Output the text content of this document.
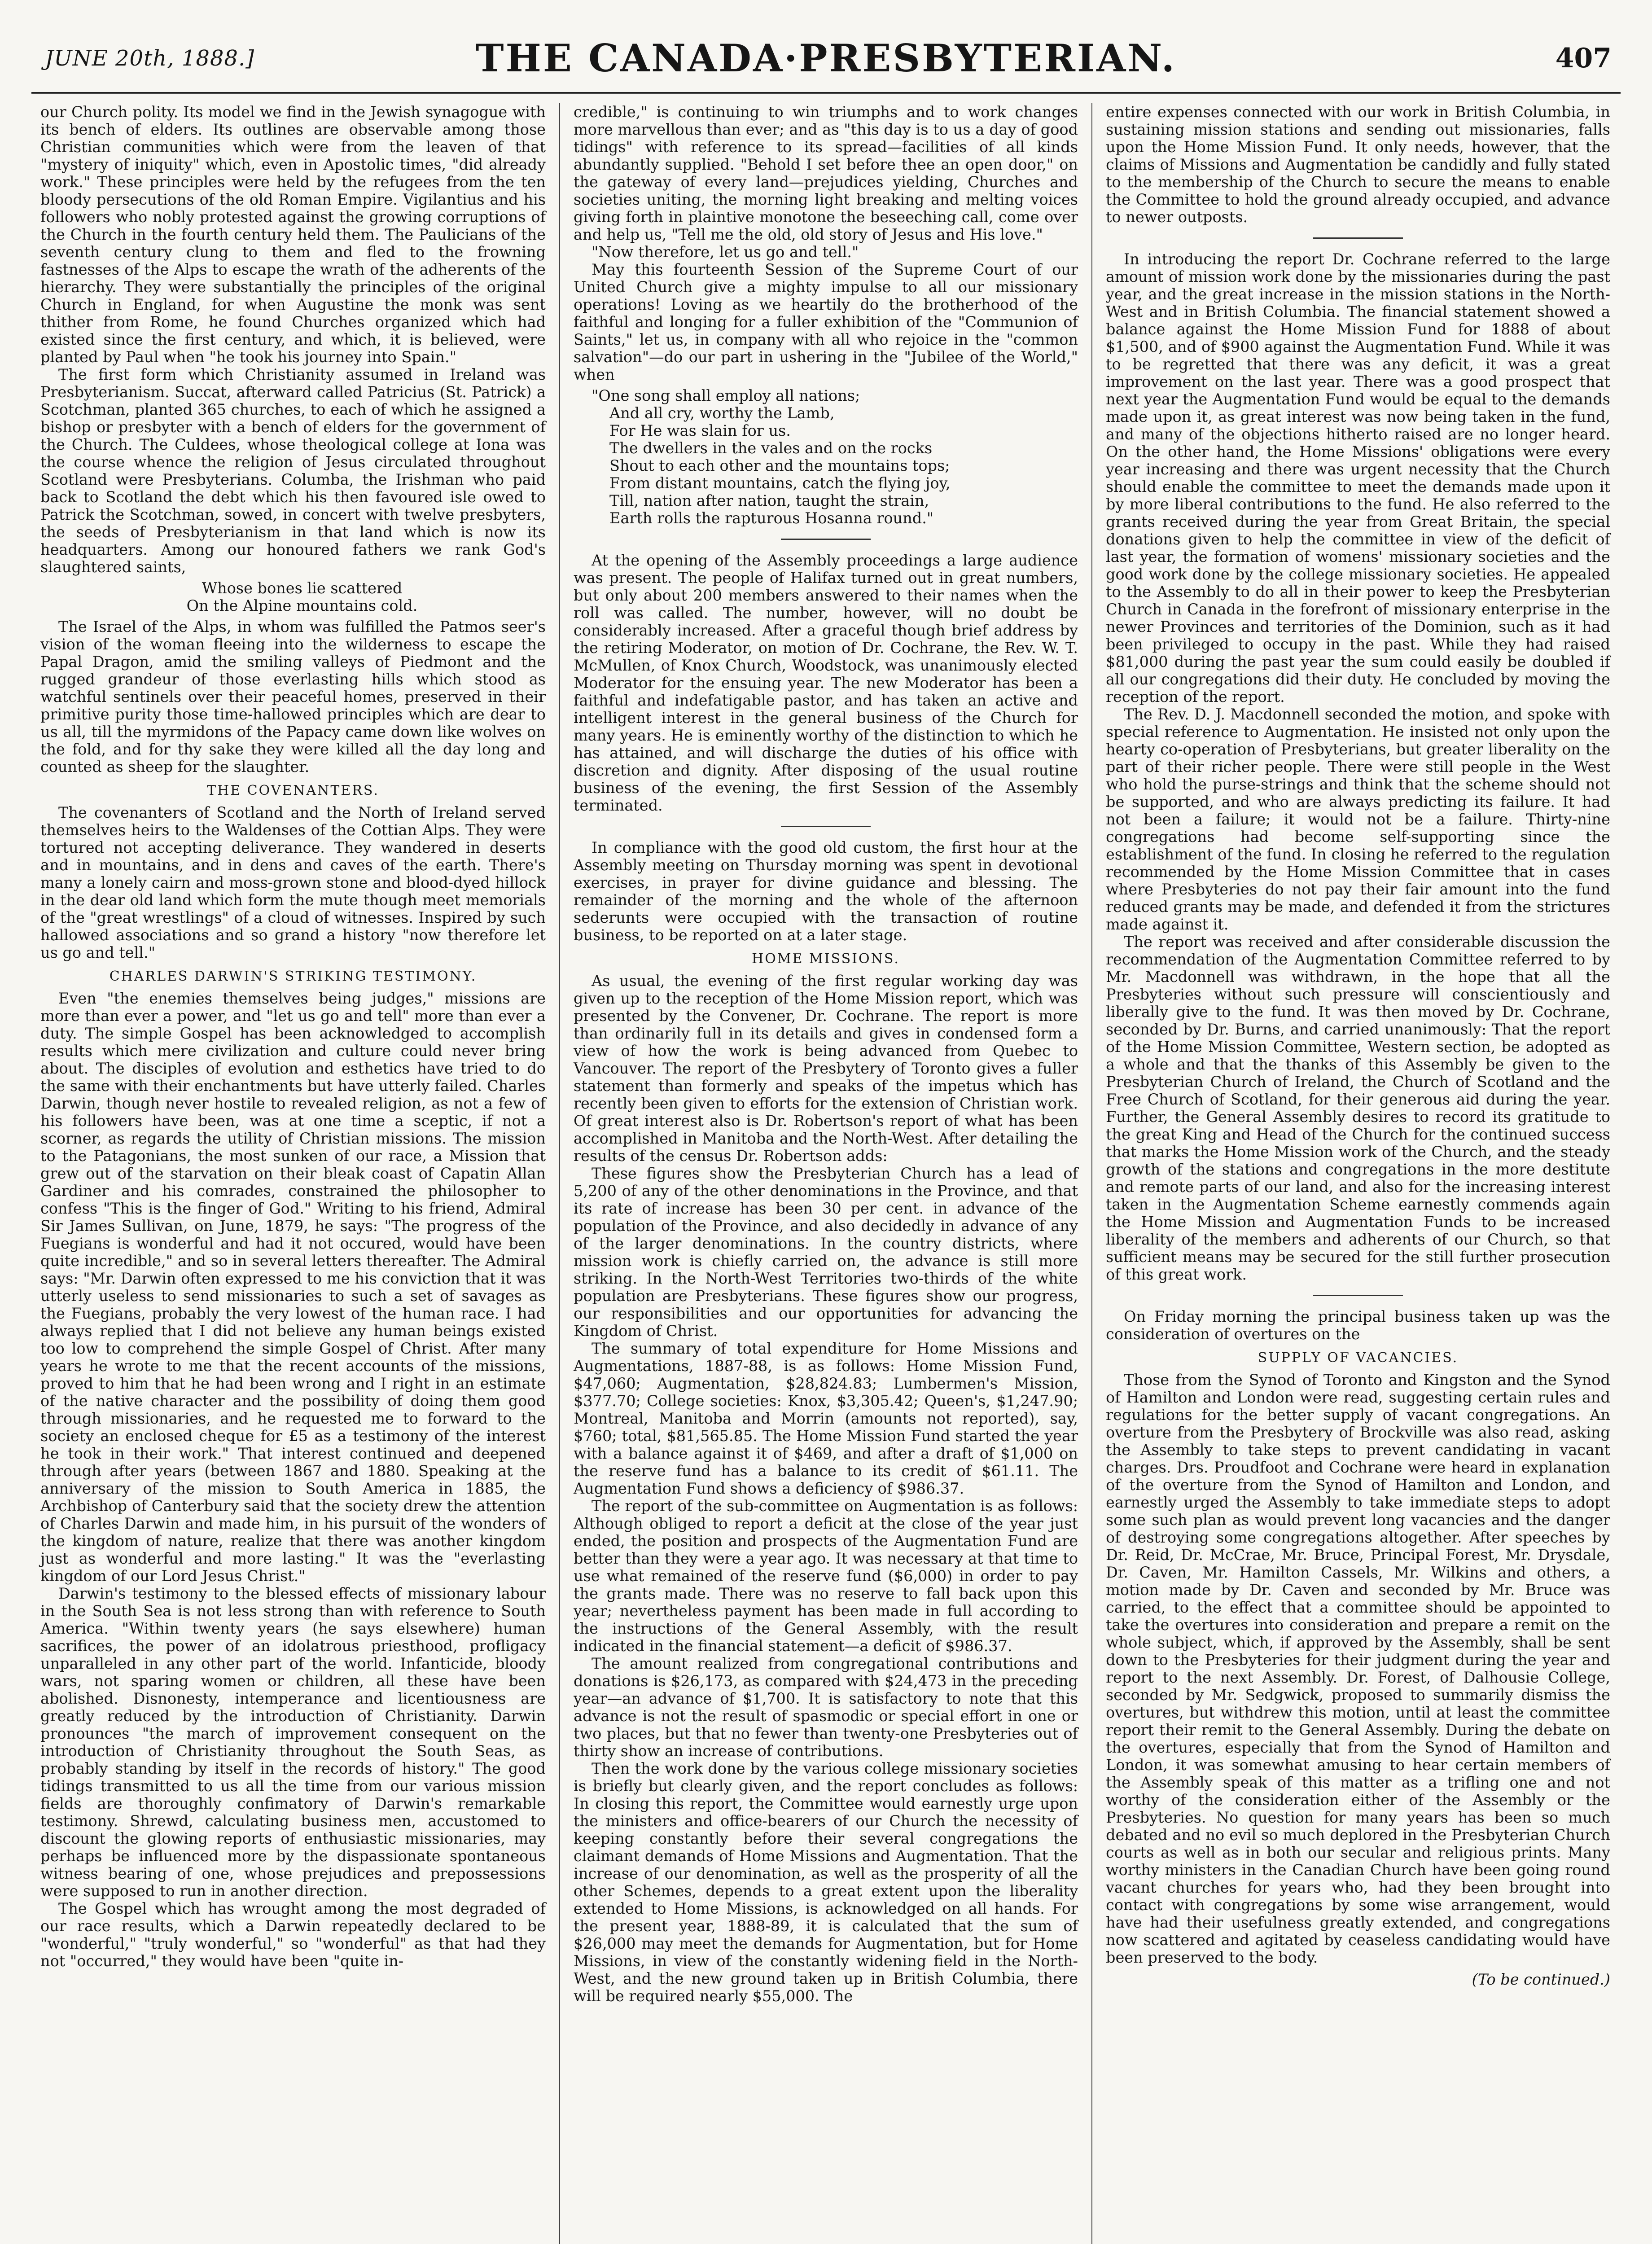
JUNE 20th, 1888.]	THE CANADA·PRESBYTERIAN.	407

our Church polity. Its model we find in the Jewish synagogue with its bench of elders. Its outlines are observable among those Christian communities which were from the leaven of that "mystery of iniquity" which, even in Apostolic times, "did already work." These principles were held by the refugees from the ten bloody persecutions of the old Roman Empire. Vigilantius and his followers who nobly protested against the growing corruptions of the Church in the fourth century held them. The Paulicians of the seventh century clung to them and fled to the frowning fastnesses of the Alps to escape the wrath of the adherents of the hierarchy. They were substantially the principles of the original Church in England, for when Augustine the monk was sent thither from Rome, he found Churches organized which had existed since the first century, and which, it is believed, were planted by Paul when "he took his journey into Spain."

The first form which Christianity assumed in Ireland was Presbyterianism. Succat, afterward called Patricius (St. Patrick) a Scotchman, planted 365 churches, to each of which he assigned a bishop or presbyter with a bench of elders for the government of the Church. The Culdees, whose theological college at Iona was the course whence the religion of Jesus circulated throughout Scotland were Presbyterians. Columba, the Irishman who paid back to Scotland the debt which his then favoured isle owed to Patrick the Scotchman, sowed, in concert with twelve presbyters, the seeds of Presbyterianism in that land which is now its headquarters. Among our honoured fathers we rank God's slaughtered saints,

Whose bones lie scattered
On the Alpine mountains cold.

The Israel of the Alps, in whom was fulfilled the Patmos seer's vision of the woman fleeing into the wilderness to escape the Papal Dragon, amid the smiling valleys of Piedmont and the rugged grandeur of those everlasting hills which stood as watchful sentinels over their peaceful homes, preserved in their primitive purity those time-hallowed principles which are dear to us all, till the myrmidons of the Papacy came down like wolves on the fold, and for thy sake they were killed all the day long and counted as sheep for the slaughter.

THE COVENANTERS.

The covenanters of Scotland and the North of Ireland served themselves heirs to the Waldenses of the Cottian Alps. They were tortured not accepting deliverance. They wandered in deserts and in mountains, and in dens and caves of the earth. There's many a lonely cairn and moss-grown stone and blood-dyed hillock in the dear old land which form the mute though meet memorials of the "great wrestlings" of a cloud of witnesses. Inspired by such hallowed associations and so grand a history "now therefore let us go and tell."

CHARLES DARWIN'S STRIKING TESTIMONY.

Even "the enemies themselves being judges," missions are more than ever a power, and "let us go and tell" more than ever a duty. The simple Gospel has been acknowledged to accomplish results which mere civilization and culture could never bring about. The disciples of evolution and esthetics have tried to do the same with their enchantments but have utterly failed. Charles Darwin, though never hostile to revealed religion, as not a few of his followers have been, was at one time a sceptic, if not a scorner, as regards the utility of Christian missions. The mission to the Patagonians, the most sunken of our race, a Mission that grew out of the starvation on their bleak coast of Capatin Allan Gardiner and his comrades, constrained the philosopher to confess "This is the finger of God." Writing to his friend, Admiral Sir James Sullivan, on June, 1879, he says: "The progress of the Fuegians is wonderful and had it not occured, would have been quite incredible," and so in several letters thereafter. The Admiral says: "Mr. Darwin often expressed to me his conviction that it was utterly useless to send missionaries to such a set of savages as the Fuegians, probably the very lowest of the human race. I had always replied that I did not believe any human beings existed too low to comprehend the simple Gospel of Christ. After many years he wrote to me that the recent accounts of the missions, proved to him that he had been wrong and I right in an estimate of the native character and the possibility of doing them good through missionaries, and he requested me to forward to the society an enclosed cheque for £5 as a testimony of the interest he took in their work." That interest continued and deepened through after years (between 1867 and 1880. Speaking at the anniversary of the mission to South America in 1885, the Archbishop of Canterbury said that the society drew the attention of Charles Darwin and made him, in his pursuit of the wonders of the kingdom of nature, realize that there was another kingdom just as wonderful and more lasting." It was the "everlasting kingdom of our Lord Jesus Christ."

Darwin's testimony to the blessed effects of missionary labour in the South Sea is not less strong than with reference to South America. "Within twenty years (he says elsewhere) human sacrifices, the power of an idolatrous priesthood, profligacy unparalleled in any other part of the world. Infanticide, bloody wars, not sparing women or children, all these have been abolished. Disnonesty, intemperance and licentiousness are greatly reduced by the introduction of Christianity. Darwin pronounces "the march of improvement consequent on the introduction of Christianity throughout the South Seas, as probably standing by itself in the records of history." The good tidings transmitted to us all the time from our various mission fields are thoroughly confimatory of Darwin's remarkable testimony. Shrewd, calculating business men, accustomed to discount the glowing reports of enthusiastic missionaries, may perhaps be influenced more by the dispassionate spontaneous witness bearing of one, whose prejudices and prepossessions were supposed to run in another direction.

The Gospel which has wrought among the most degraded of our race results, which a Darwin repeatedly declared to be "wonderful," "truly wonderful," so "wonderful" as that had they not "occurred," they would have been "quite in-

credible," is continuing to win triumphs and to work changes more marvellous than ever; and as "this day is to us a day of good tidings" with reference to its spread—facilities of all kinds abundantly supplied. "Behold I set before thee an open door," on the gateway of every land—prejudices yielding, Churches and societies uniting, the morning light breaking and melting voices giving forth in plaintive monotone the beseeching call, come over and help us, "Tell me the old, old story of Jesus and His love."

"Now therefore, let us go and tell."

May this fourteenth Session of the Supreme Court of our United Church give a mighty impulse to all our missionary operations! Loving as we heartily do the brotherhood of the faithful and longing for a fuller exhibition of the "Communion of Saints," let us, in company with all who rejoice in the "common salvation"—do our part in ushering in the "Jubilee of the World," when

"One song shall employ all nations;
And all cry, worthy the Lamb,
For He was slain for us.
The dwellers in the vales and on the rocks
Shout to each other and the mountains tops;
From distant mountains, catch the flying joy,
Till, nation after nation, taught the strain,
Earth rolls the rapturous Hosanna round."

At the opening of the Assembly proceedings a large audience was present. The people of Halifax turned out in great numbers, but only about 200 members answered to their names when the roll was called. The number, however, will no doubt be considerably increased. After a graceful though brief address by the retiring Moderator, on motion of Dr. Cochrane, the Rev. W. T. McMullen, of Knox Church, Woodstock, was unanimously elected Moderator for the ensuing year. The new Moderator has been a faithful and indefatigable pastor, and has taken an active and intelligent interest in the general business of the Church for many years. He is eminently worthy of the distinction to which he has attained, and will discharge the duties of his office with discretion and dignity. After disposing of the usual routine business of the evening, the first Session of the Assembly terminated.

In compliance with the good old custom, the first hour at the Assembly meeting on Thursday morning was spent in devotional exercises, in prayer for divine guidance and blessing. The remainder of the morning and the whole of the afternoon sederunts were occupied with the transaction of routine business, to be reported on at a later stage.

HOME MISSIONS.

As usual, the evening of the first regular working day was given up to the reception of the Home Mission report, which was presented by the Convener, Dr. Cochrane. The report is more than ordinarily full in its details and gives in condensed form a view of how the work is being advanced from Quebec to Vancouver. The report of the Presbytery of Toronto gives a fuller statement than formerly and speaks of the impetus which has recently been given to efforts for the extension of Christian work. Of great interest also is Dr. Robertson's report of what has been accomplished in Manitoba and the North-West. After detailing the results of the census Dr. Robertson adds:

These figures show the Presbyterian Church has a lead of 5,200 of any of the other denominations in the Province, and that its rate of increase has been 30 per cent. in advance of the population of the Province, and also decidedly in advance of any of the larger denominations. In the country districts, where mission work is chiefly carried on, the advance is still more striking. In the North-West Territories two-thirds of the white population are Presbyterians. These figures show our progress, our responsibilities and our opportunities for advancing the Kingdom of Christ.

The summary of total expenditure for Home Missions and Augmentations, 1887-88, is as follows: Home Mission Fund, $47,060; Augmentation, $28,824.83; Lumbermen's Mission, $377.70; College societies: Knox, $3,305.42; Queen's, $1,247.90; Montreal, Manitoba and Morrin (amounts not reported), say, $760; total, $81,565.85. The Home Mission Fund started the year with a balance against it of $469, and after a draft of $1,000 on the reserve fund has a balance to its credit of $61.11. The Augmentation Fund shows a deficiency of $986.37.

The report of the sub-committee on Augmentation is as follows: Although obliged to report a deficit at the close of the year just ended, the position and prospects of the Augmentation Fund are better than they were a year ago. It was necessary at that time to use what remained of the reserve fund ($6,000) in order to pay the grants made. There was no reserve to fall back upon this year; nevertheless payment has been made in full according to the instructions of the General Assembly, with the result indicated in the financial statement—a deficit of $986.37.

The amount realized from congregational contributions and donations is $26,173, as compared with $24,473 in the preceding year—an advance of $1,700. It is satisfactory to note that this advance is not the result of spasmodic or special effort in one or two places, but that no fewer than twenty-one Presbyteries out of thirty show an increase of contributions.

Then the work done by the various college missionary societies is briefly but clearly given, and the report concludes as follows: In closing this report, the Committee would earnestly urge upon the ministers and office-bearers of our Church the necessity of keeping constantly before their several congregations the claimant demands of Home Missions and Augmentation. That the increase of our denomination, as well as the prosperity of all the other Schemes, depends to a great extent upon the liberality extended to Home Missions, is acknowledged on all hands. For the present year, 1888-89, it is calculated that the sum of $26,000 may meet the demands for Augmentation, but for Home Missions, in view of the constantly widening field in the North-West, and the new ground taken up in British Columbia, there will be required nearly $55,000. The

entire expenses connected with our work in British Columbia, in sustaining mission stations and sending out missionaries, falls upon the Home Mission Fund. It only needs, however, that the claims of Missions and Augmentation be candidly and fully stated to the membership of the Church to secure the means to enable the Committee to hold the ground already occupied, and advance to newer outposts.

In introducing the report Dr. Cochrane referred to the large amount of mission work done by the missionaries during the past year, and the great increase in the mission stations in the North-West and in British Columbia. The financial statement showed a balance against the Home Mission Fund for 1888 of about $1,500, and of $900 against the Augmentation Fund. While it was to be regretted that there was any deficit, it was a great improvement on the last year. There was a good prospect that next year the Augmentation Fund would be equal to the demands made upon it, as great interest was now being taken in the fund, and many of the objections hitherto raised are no longer heard. On the other hand, the Home Missions' obligations were every year increasing and there was urgent necessity that the Church should enable the committee to meet the demands made upon it by more liberal contributions to the fund. He also referred to the grants received during the year from Great Britain, the special donations given to help the committee in view of the deficit of last year, the formation of womens' missionary societies and the good work done by the college missionary societies. He appealed to the Assembly to do all in their power to keep the Presbyterian Church in Canada in the forefront of missionary enterprise in the newer Provinces and territories of the Dominion, such as it had been privileged to occupy in the past. While they had raised $81,000 during the past year the sum could easily be doubled if all our congregations did their duty. He concluded by moving the reception of the report.

The Rev. D. J. Macdonnell seconded the motion, and spoke with special reference to Augmentation. He insisted not only upon the hearty co-operation of Presbyterians, but greater liberality on the part of their richer people. There were still people in the West who hold the purse-strings and think that the scheme should not be supported, and who are always predicting its failure. It had not been a failure; it would not be a failure. Thirty-nine congregations had become self-supporting since the establishment of the fund. In closing he referred to the regulation recommended by the Home Mission Committee that in cases where Presbyteries do not pay their fair amount into the fund reduced grants may be made, and defended it from the strictures made against it.

The report was received and after considerable discussion the recommendation of the Augmentation Committee referred to by Mr. Macdonnell was withdrawn, in the hope that all the Presbyteries without such pressure will conscientiously and liberally give to the fund. It was then moved by Dr. Cochrane, seconded by Dr. Burns, and carried unanimously: That the report of the Home Mission Committee, Western section, be adopted as a whole and that the thanks of this Assembly be given to the Presbyterian Church of Ireland, the Church of Scotland and the Free Church of Scotland, for their generous aid during the year. Further, the General Assembly desires to record its gratitude to the great King and Head of the Church for the continued success that marks the Home Mission work of the Church, and the steady growth of the stations and congregations in the more destitute and remote parts of our land, and also for the increasing interest taken in the Augmentation Scheme earnestly commends again the Home Mission and Augmentation Funds to be increased liberality of the members and adherents of our Church, so that sufficient means may be secured for the still further prosecution of this great work.

On Friday morning the principal business taken up was the consideration of overtures on the

SUPPLY OF VACANCIES.

Those from the Synod of Toronto and Kingston and the Synod of Hamilton and London were read, suggesting certain rules and regulations for the better supply of vacant congregations. An overture from the Presbytery of Brockville was also read, asking the Assembly to take steps to prevent candidating in vacant charges. Drs. Proudfoot and Cochrane were heard in explanation of the overture from the Synod of Hamilton and London, and earnestly urged the Assembly to take immediate steps to adopt some such plan as would prevent long vacancies and the danger of destroying some congregations altogether. After speeches by Dr. Reid, Dr. McCrae, Mr. Bruce, Principal Forest, Mr. Drysdale, Dr. Caven, Mr. Hamilton Cassels, Mr. Wilkins and others, a motion made by Dr. Caven and seconded by Mr. Bruce was carried, to the effect that a committee should be appointed to take the overtures into consideration and prepare a remit on the whole subject, which, if approved by the Assembly, shall be sent down to the Presbyteries for their judgment during the year and report to the next Assembly. Dr. Forest, of Dalhousie College, seconded by Mr. Sedgwick, proposed to summarily dismiss the overtures, but withdrew this motion, until at least the committee report their remit to the General Assembly. During the debate on the overtures, especially that from the Synod of Hamilton and London, it was somewhat amusing to hear certain members of the Assembly speak of this matter as a trifling one and not worthy of the consideration either of the Assembly or the Presbyteries. No question for many years has been so much debated and no evil so much deplored in the Presbyterian Church courts as well as in both our secular and religious prints. Many worthy ministers in the Canadian Church have been going round vacant churches for years who, had they been brought into contact with congregations by some wise arrangement, would have had their usefulness greatly extended, and congregations now scattered and agitated by ceaseless candidating would have been preserved to the body.

(To be continued.)
